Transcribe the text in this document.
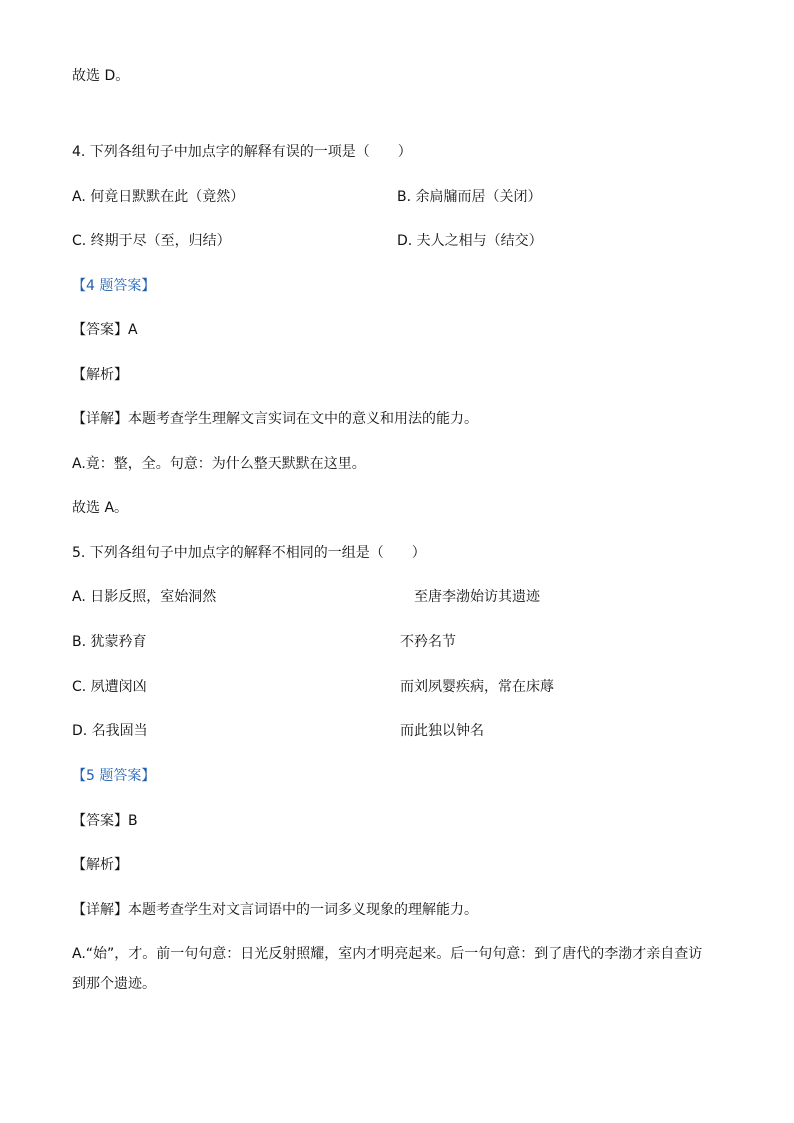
故选 D。
4. 下列各组句子中加点字的解释有误的一项是（　　）
A. 何竟日默默在此（竟然）	B. 余扃牖而居（关闭）
C. 终期于尽（至，归结）	D. 夫人之相与（结交）
【4 题答案】
【答案】A
【解析】
【详解】本题考查学生理解文言实词在文中的意义和用法的能力。
A.竟：整，全。句意：为什么整天默默在这里。
故选 A。
5. 下列各组句子中加点字的解释不相同的一组是（　　）
A. 日影反照，室始洞然	至唐李渤始访其遗迹
B. 犹蒙矜育	不矜名节
C. 夙遭闵凶	而刘夙婴疾病，常在床蓐
D. 名我固当	而此独以钟名
【5 题答案】
【答案】B
【解析】
【详解】本题考查学生对文言词语中的一词多义现象的理解能力。
A.“始”，才。前一句句意：日光反射照耀，室内才明亮起来。后一句句意：到了唐代的李渤才亲自查访
到那个遗迹。
